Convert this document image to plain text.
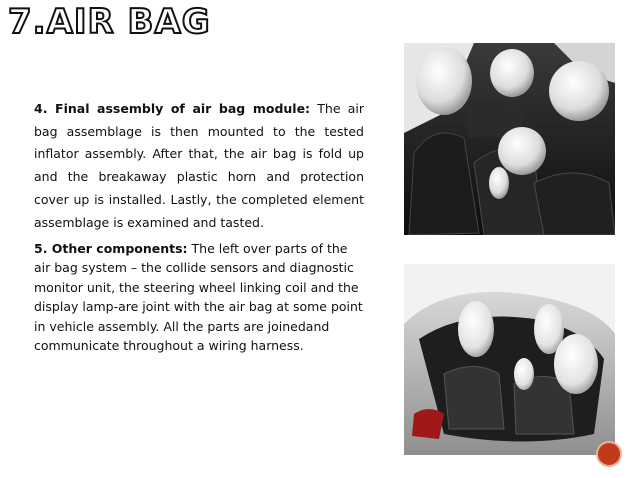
7.AIR BAG
4. Final assembly of air bag module: The air bag assemblage is then mounted to the tested inflator assembly. After that, the air bag is fold up and the breakaway plastic horn and protection cover up is installed. Lastly, the completed element assemblage is examined and tasted.
5. Other components: The left over parts of the air bag system – the collide sensors and diagnostic monitor unit, the steering wheel linking coil and the display lamp-are joint with the air bag at some point in vehicle assembly. All the parts are joinedand communicate throughout a wiring harness.
